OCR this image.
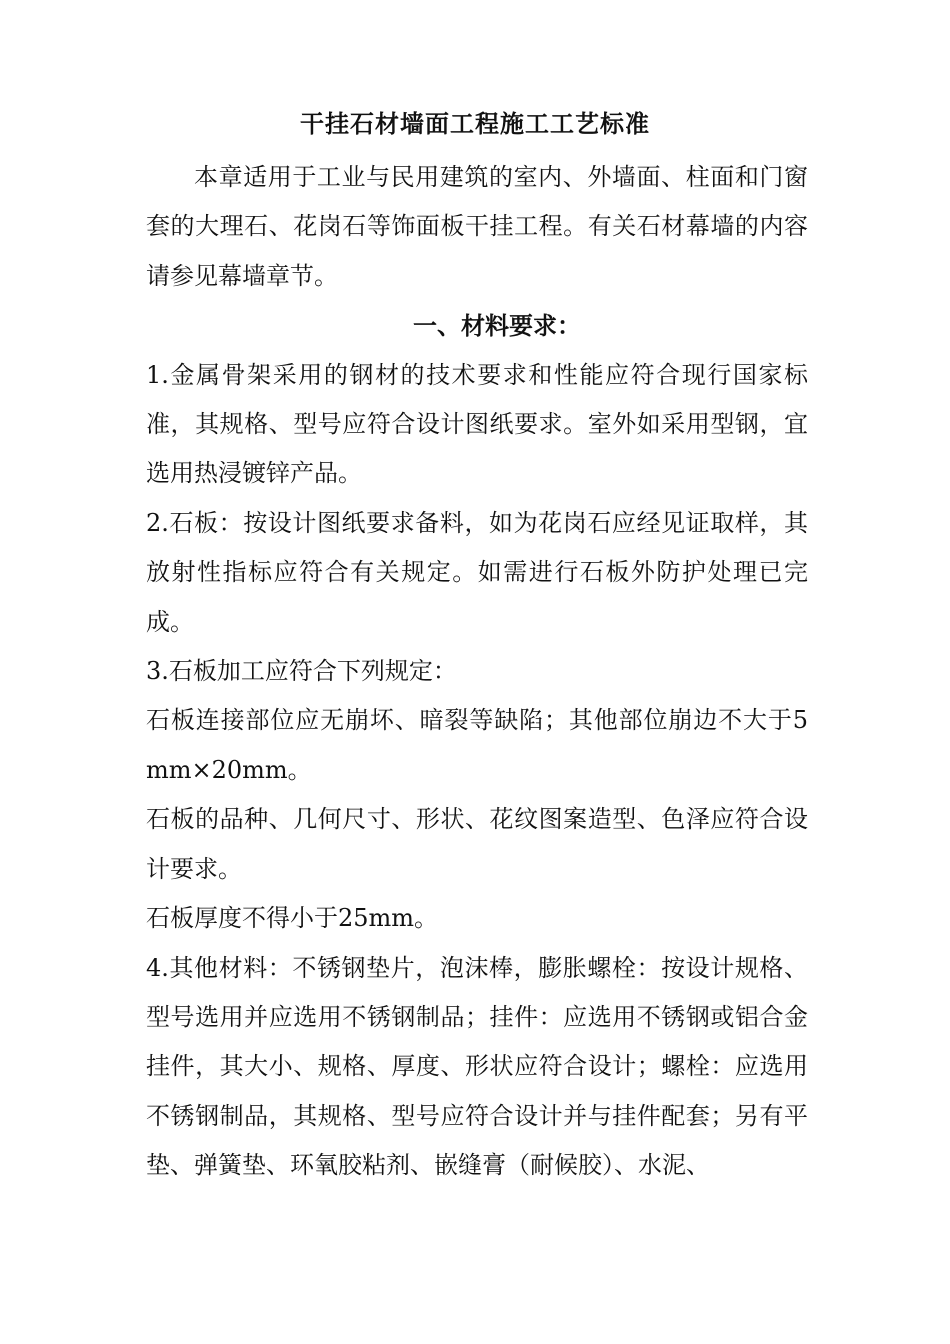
干挂石材墙面工程施工工艺标准

本章适用于工业与民用建筑的室内、外墙面、柱面和门窗套的大理石、花岗石等饰面板干挂工程。有关石材幕墙的内容请参见幕墙章节。

一、材料要求：

1.金属骨架采用的钢材的技术要求和性能应符合现行国家标准，其规格、型号应符合设计图纸要求。室外如采用型钢，宜选用热浸镀锌产品。

2.石板：按设计图纸要求备料，如为花岗石应经见证取样，其放射性指标应符合有关规定。如需进行石板外防护处理已完成。

3.石板加工应符合下列规定：

石板连接部位应无崩坏、暗裂等缺陷；其他部位崩边不大于5mm×20mm。

石板的品种、几何尺寸、形状、花纹图案造型、色泽应符合设计要求。

石板厚度不得小于25mm。

4.其他材料：不锈钢垫片，泡沫棒，膨胀螺栓：按设计规格、型号选用并应选用不锈钢制品；挂件：应选用不锈钢或铝合金挂件，其大小、规格、厚度、形状应符合设计；螺栓：应选用不锈钢制品，其规格、型号应符合设计并与挂件配套；另有平垫、弹簧垫、环氧胶粘剂、嵌缝膏（耐候胶）、水泥、
